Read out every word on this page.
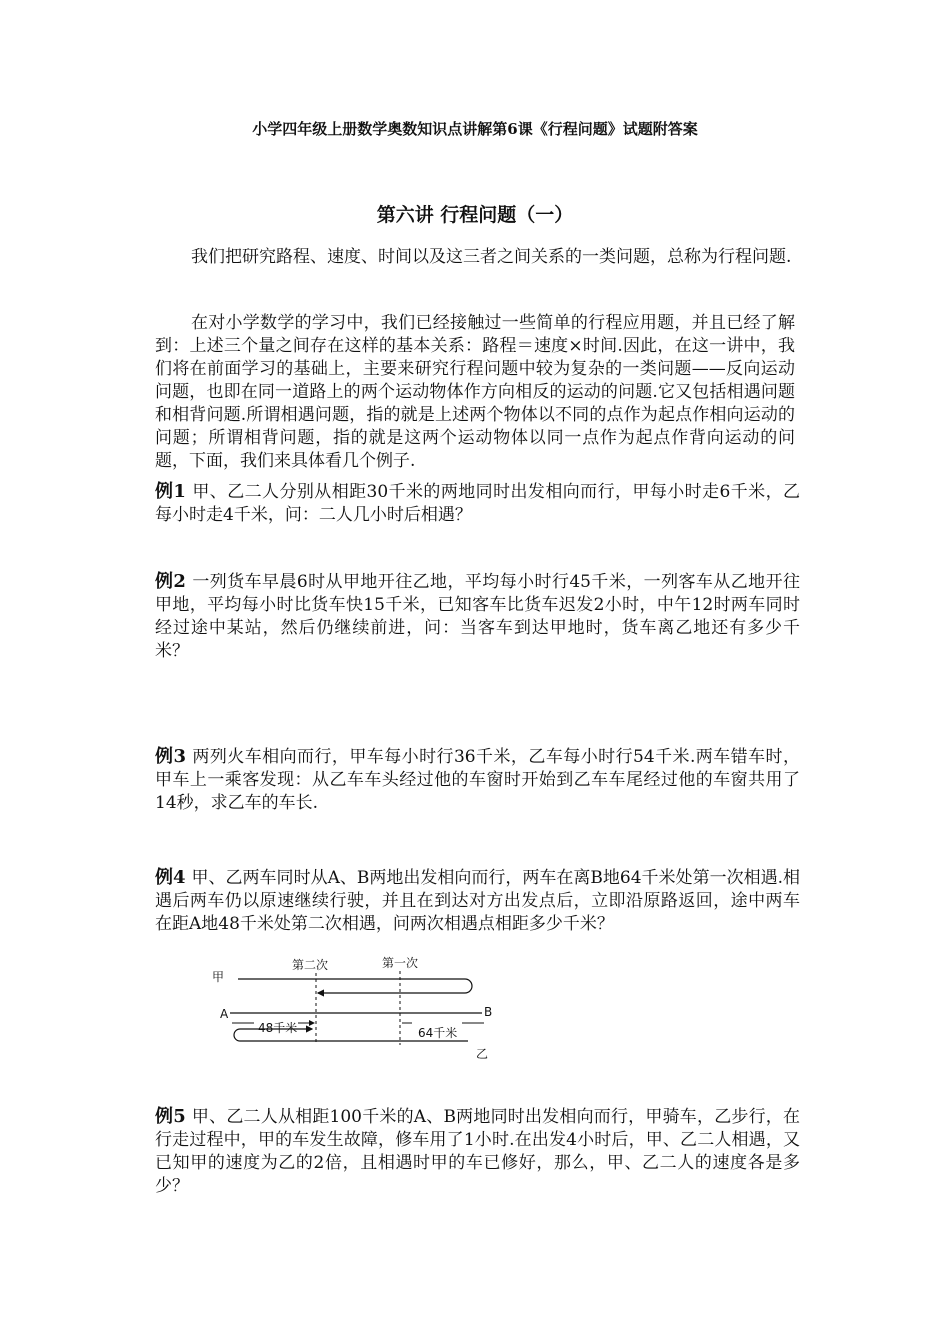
小学四年级上册数学奥数知识点讲解第6课《行程问题》试题附答案
第六讲 行程问题（一）
我们把研究路程、速度、时间以及这三者之间关系的一类问题，总称为行程问题.
在对小学数学的学习中，我们已经接触过一些简单的行程应用题，并且已经了解到：上述三个量之间存在这样的基本关系：路程＝速度×时间.因此，在这一讲中，我们将在前面学习的基础上，主要来研究行程问题中较为复杂的一类问题——反向运动问题，也即在同一道路上的两个运动物体作方向相反的运动的问题.它又包括相遇问题和相背问题.所谓相遇问题，指的就是上述两个物体以不同的点作为起点作相向运动的问题；所谓相背问题，指的就是这两个运动物体以同一点作为起点作背向运动的问题，下面，我们来具体看几个例子.
例1 甲、乙二人分别从相距30千米的两地同时出发相向而行，甲每小时走6千米，乙每小时走4千米，问：二人几小时后相遇？
例2 一列货车早晨6时从甲地开往乙地，平均每小时行45千米，一列客车从乙地开往甲地，平均每小时比货车快15千米，已知客车比货车迟发2小时，中午12时两车同时经过途中某站，然后仍继续前进，问：当客车到达甲地时，货车离乙地还有多少千米？
例3 两列火车相向而行，甲车每小时行36千米，乙车每小时行54千米.两车错车时，甲车上一乘客发现：从乙车车头经过他的车窗时开始到乙车车尾经过他的车窗共用了14秒，求乙车的车长.
例4 甲、乙两车同时从A、B两地出发相向而行，两车在离B地64千米处第一次相遇.相遇后两车仍以原速继续行驶，并且在到达对方出发点后，立即沿原路返回，途中两车在距A地48千米处第二次相遇，问两次相遇点相距多少千米？
甲
第二次	第一次
A	B
48千米	64千米
乙
例5 甲、乙二人从相距100千米的A、B两地同时出发相向而行，甲骑车，乙步行，在行走过程中，甲的车发生故障，修车用了1小时.在出发4小时后，甲、乙二人相遇，又已知甲的速度为乙的2倍，且相遇时甲的车已修好，那么，甲、乙二人的速度各是多少？
